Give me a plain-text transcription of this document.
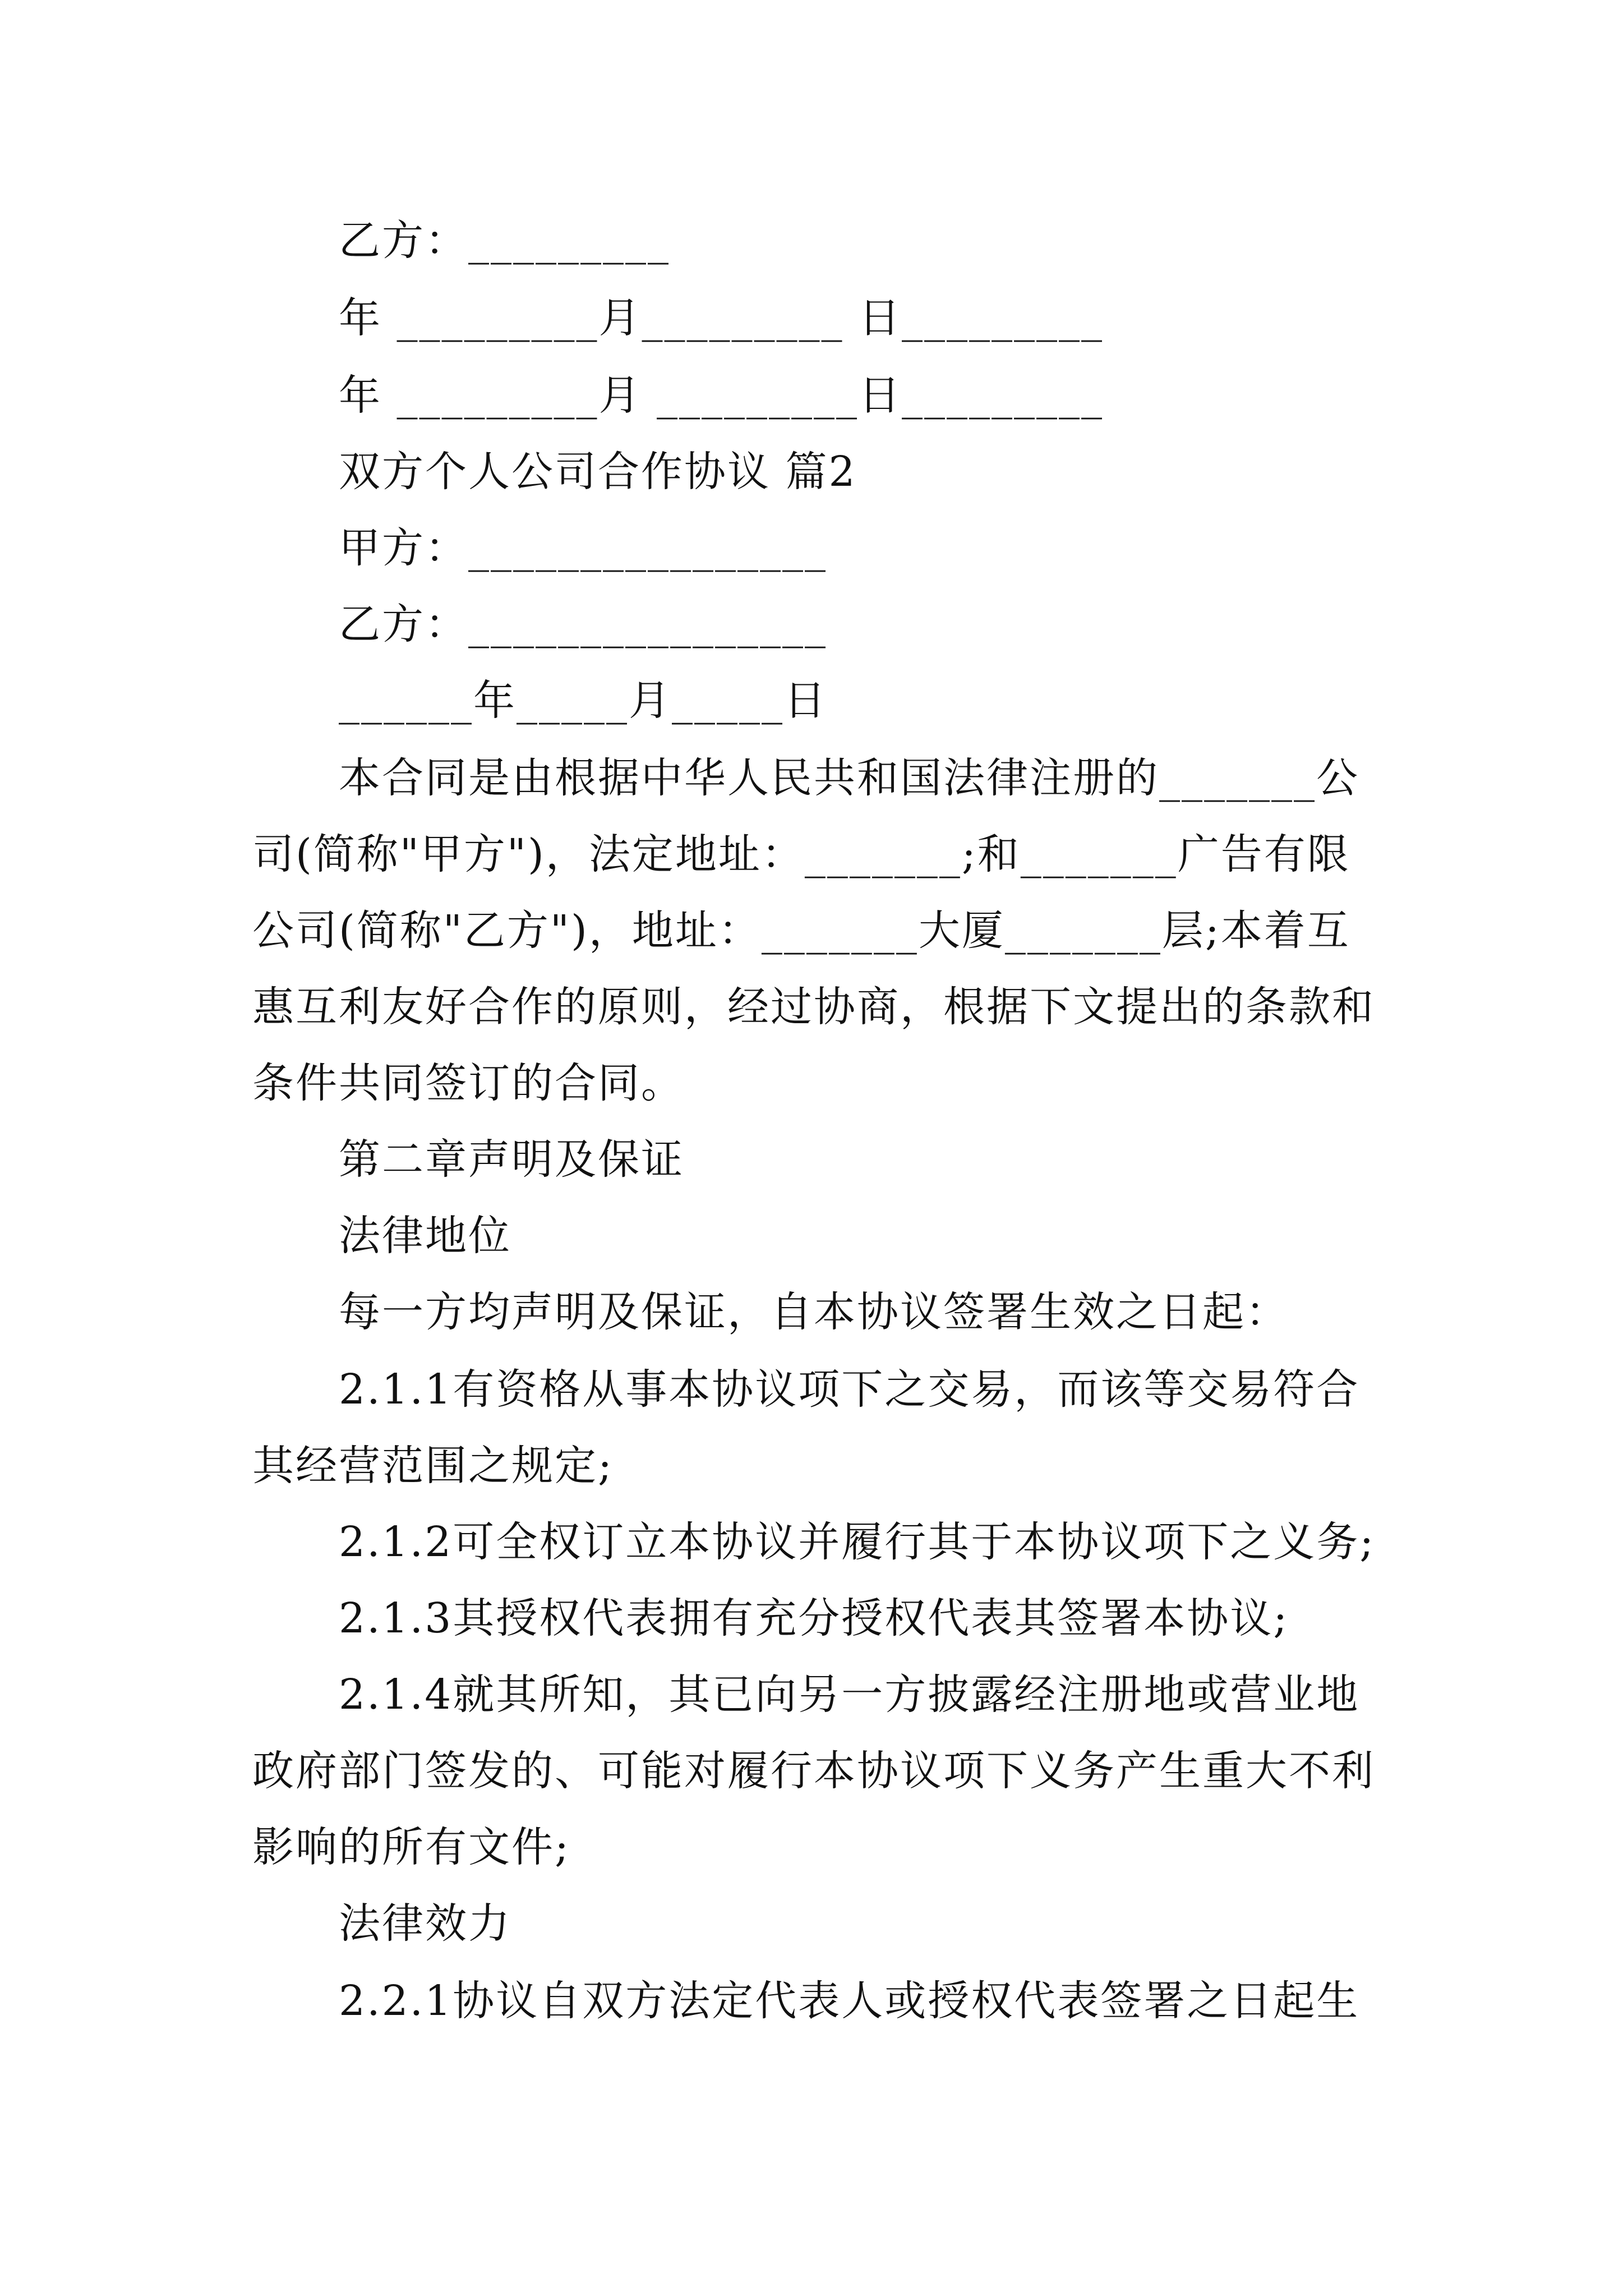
乙方：_________
年 _________月_________ 日_________
年 _________月 _________日_________
双方个人公司合作协议 篇2
甲方：________________
乙方：________________
______年_____月_____日
本合同是由根据中华人民共和国法律注册的_______公
司(简称"甲方")，法定地址：_______;和_______广告有限
公司(简称"乙方")，地址：_______大厦_______层;本着互
惠互利友好合作的原则，经过协商，根据下文提出的条款和
条件共同签订的合同。
第二章声明及保证
法律地位
每一方均声明及保证，自本协议签署生效之日起：
2.1.1有资格从事本协议项下之交易，而该等交易符合
其经营范围之规定;
2.1.2可全权订立本协议并履行其于本协议项下之义务;
2.1.3其授权代表拥有充分授权代表其签署本协议;
2.1.4就其所知，其已向另一方披露经注册地或营业地
政府部门签发的、可能对履行本协议项下义务产生重大不利
影响的所有文件;
法律效力
2.2.1协议自双方法定代表人或授权代表签署之日起生
